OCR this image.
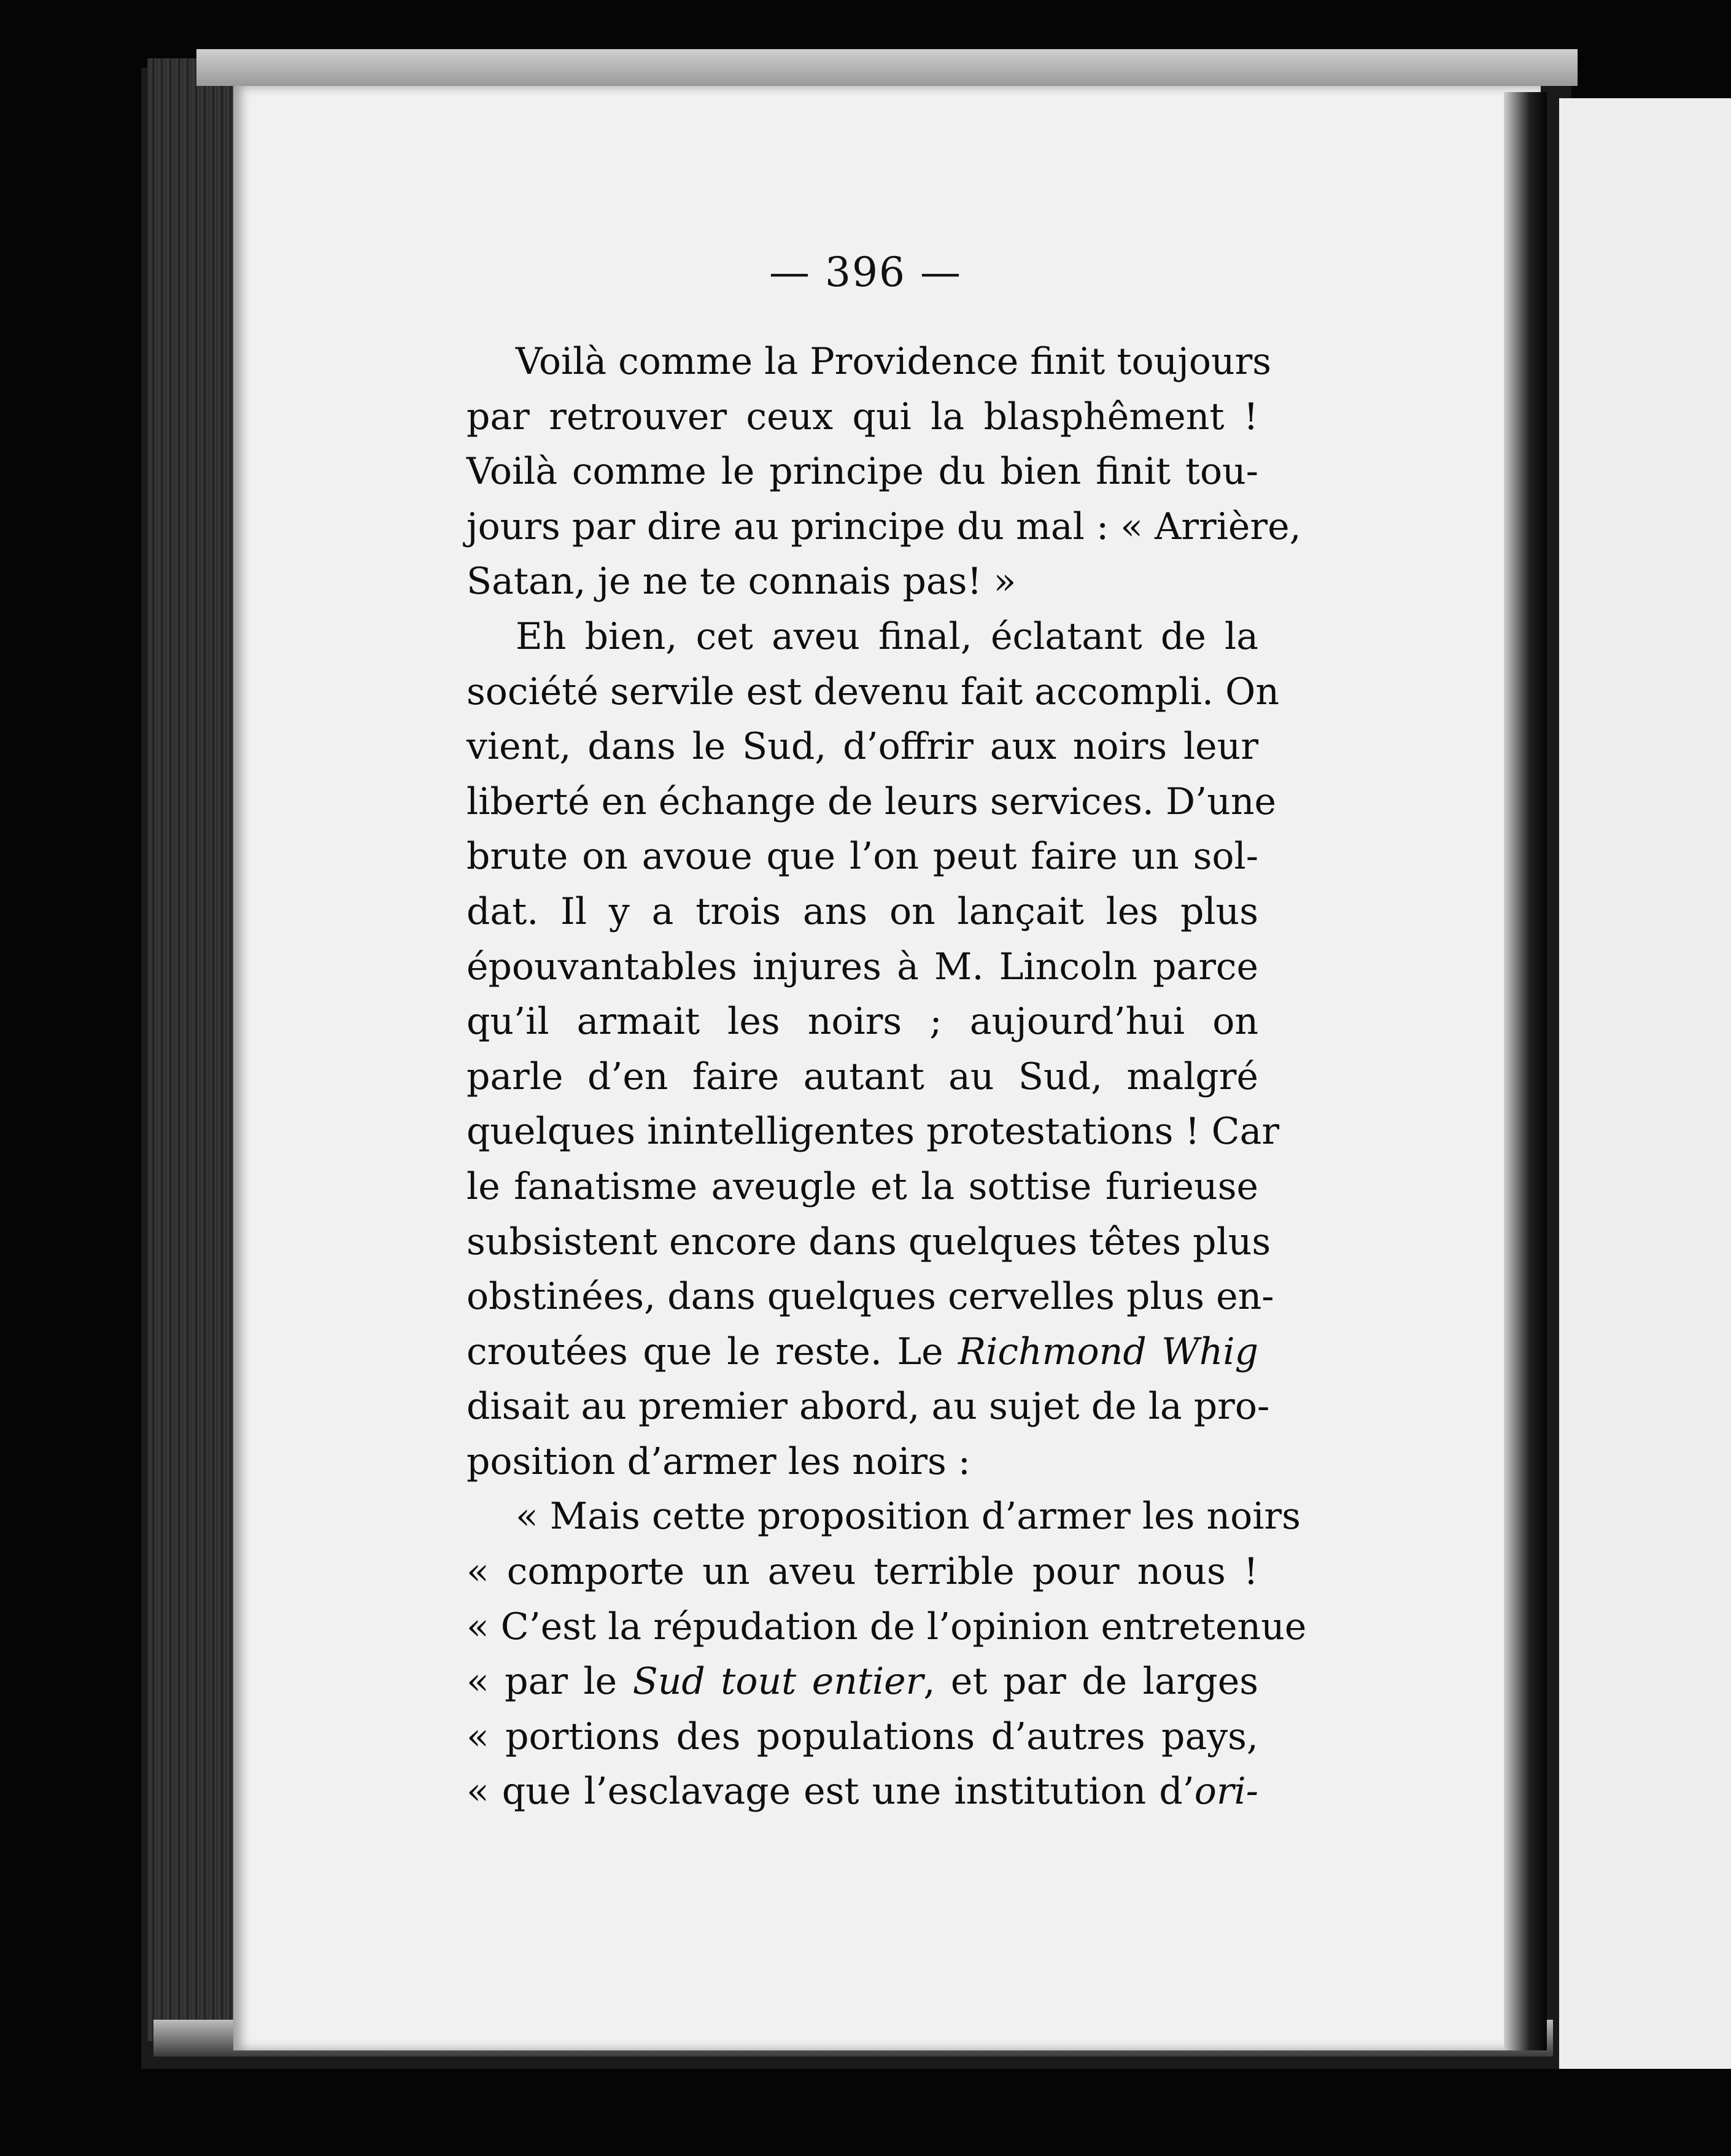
— 396 —
Voilà comme la Providence finit toujours
par retrouver ceux qui la blasphêment !
Voilà comme le principe du bien finit tou-
jours par dire au principe du mal : « Arrière,
Satan, je ne te connais pas! »
Eh bien, cet aveu final, éclatant de la
société servile est devenu fait accompli. On
vient, dans le Sud, d’offrir aux noirs leur
liberté en échange de leurs services. D’une
brute on avoue que l’on peut faire un sol-
dat. Il y a trois ans on lançait les plus
épouvantables injures à M. Lincoln parce
qu’il armait les noirs ; aujourd’hui on
parle d’en faire autant au Sud, malgré
quelques inintelligentes protestations ! Car
le fanatisme aveugle et la sottise furieuse
subsistent encore dans quelques têtes plus
obstinées, dans quelques cervelles plus en-
croutées que le reste. Le Richmond Whig
disait au premier abord, au sujet de la pro-
position d’armer les noirs :
« Mais cette proposition d’armer les noirs
« comporte un aveu terrible pour nous !
« C’est la répudation de l’opinion entretenue
« par le Sud tout entier, et par de larges
« portions des populations d’autres pays,
« que l’esclavage est une institution d’ori-
